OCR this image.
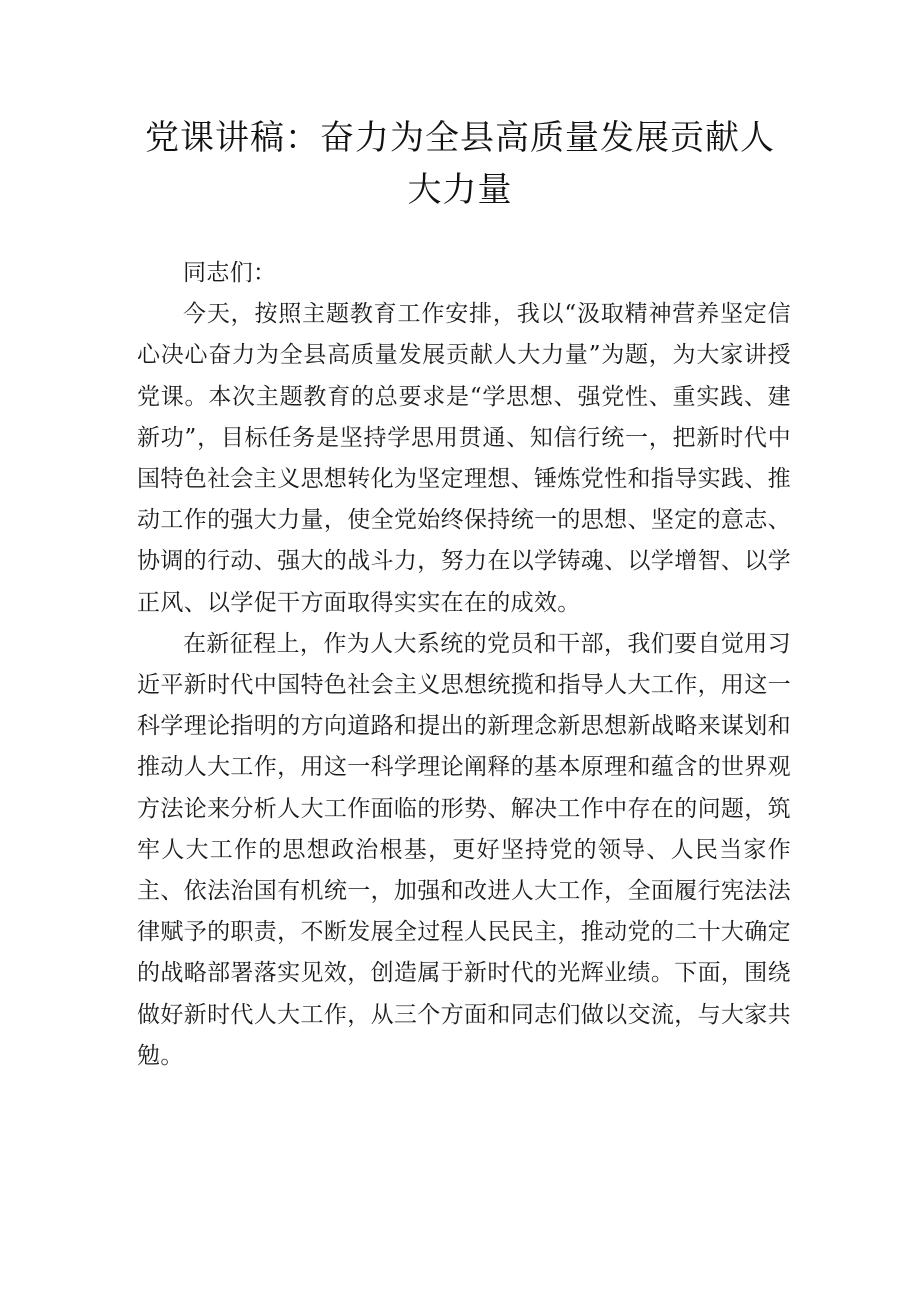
党课讲稿：奋力为全县高质量发展贡献人大力量

同志们：

今天，按照主题教育工作安排，我以“汲取精神营养坚定信心决心奋力为全县高质量发展贡献人大力量”为题，为大家讲授党课。本次主题教育的总要求是“学思想、强党性、重实践、建新功”，目标任务是坚持学思用贯通、知信行统一，把新时代中国特色社会主义思想转化为坚定理想、锤炼党性和指导实践、推动工作的强大力量，使全党始终保持统一的思想、坚定的意志、协调的行动、强大的战斗力，努力在以学铸魂、以学增智、以学正风、以学促干方面取得实实在在的成效。

在新征程上，作为人大系统的党员和干部，我们要自觉用习近平新时代中国特色社会主义思想统揽和指导人大工作，用这一科学理论指明的方向道路和提出的新理念新思想新战略来谋划和推动人大工作，用这一科学理论阐释的基本原理和蕴含的世界观方法论来分析人大工作面临的形势、解决工作中存在的问题，筑牢人大工作的思想政治根基，更好坚持党的领导、人民当家作主、依法治国有机统一，加强和改进人大工作，全面履行宪法法律赋予的职责，不断发展全过程人民民主，推动党的二十大确定的战略部署落实见效，创造属于新时代的光辉业绩。下面，围绕做好新时代人大工作，从三个方面和同志们做以交流，与大家共勉。
